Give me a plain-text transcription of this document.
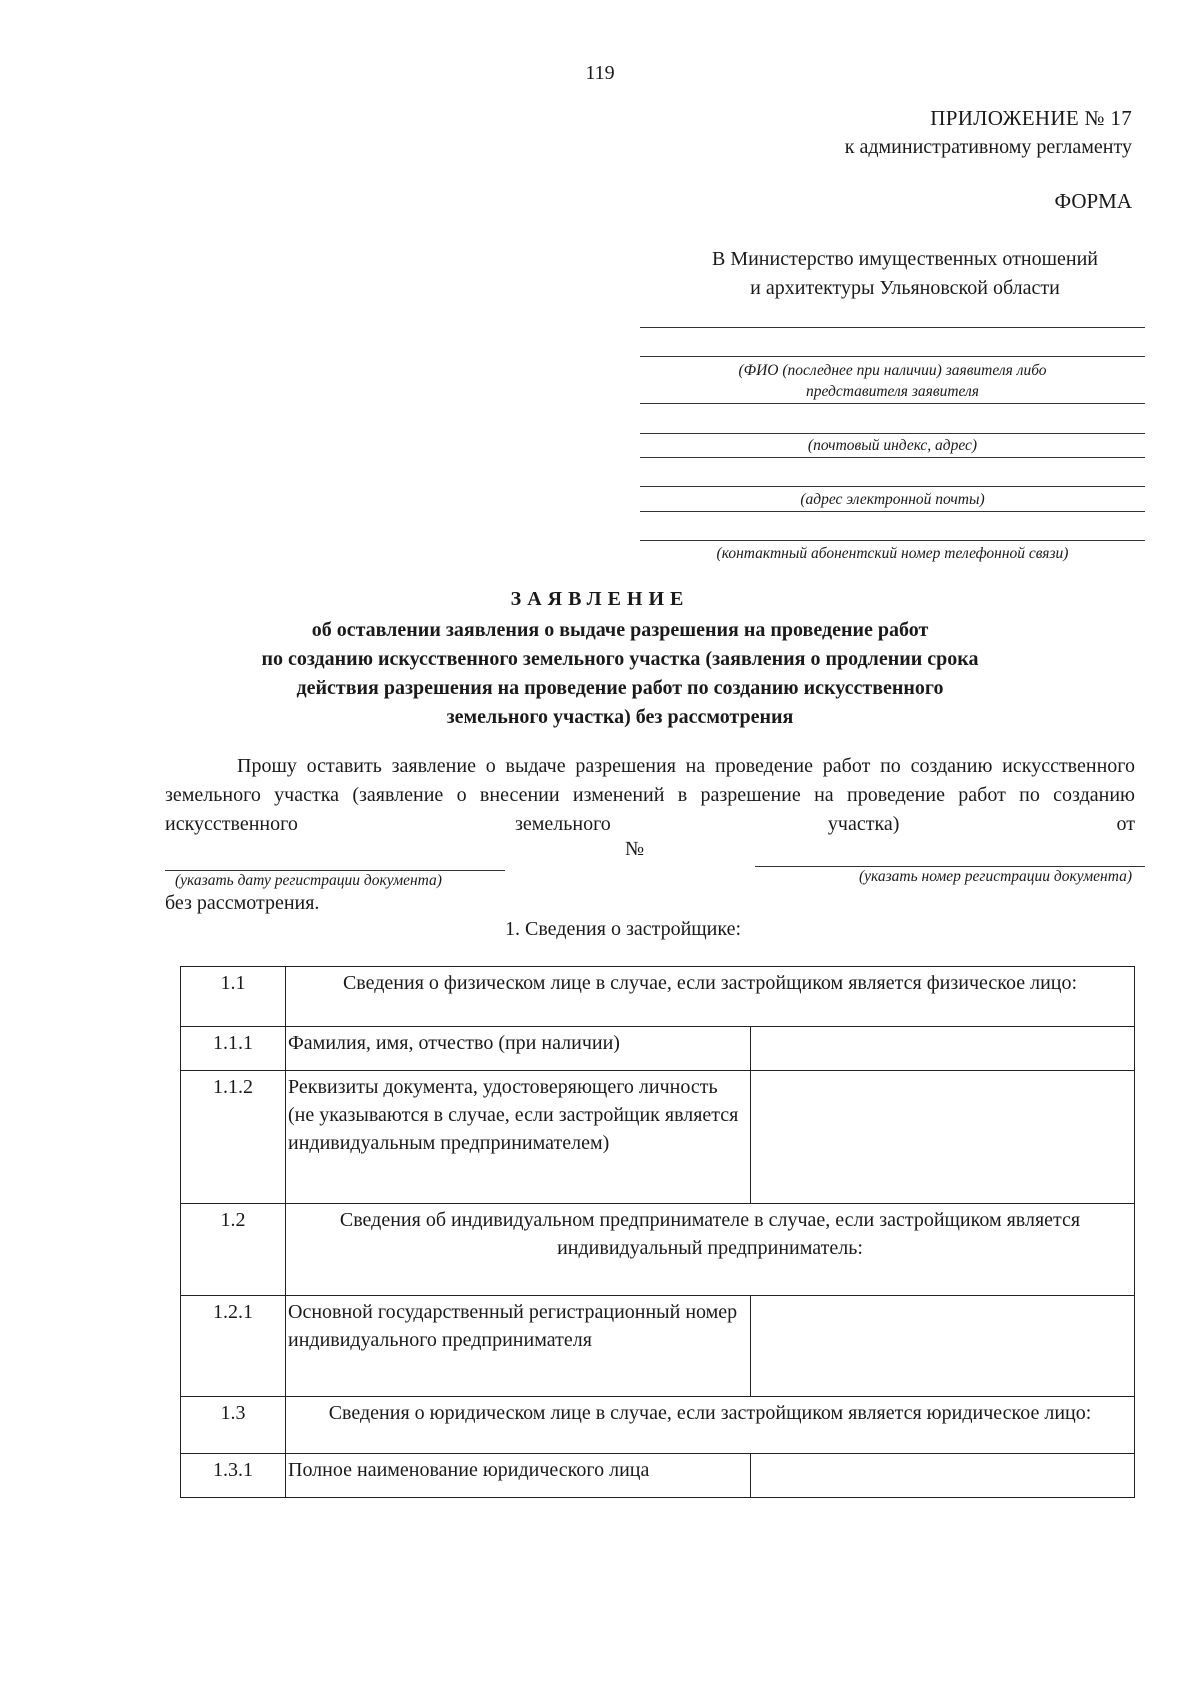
119
ПРИЛОЖЕНИЕ № 17
к административному регламенту
ФОРМА
В Министерство имущественных отношений
и архитектуры Ульяновской области
(ФИО (последнее при наличии) заявителя либо
представителя заявителя
(почтовый индекс, адрес)
(адрес электронной почты)
(контактный абонентский номер телефонной связи)
ЗАЯВЛЕНИЕ
об оставлении заявления о выдаче разрешения на проведение работ
по созданию искусственного земельного участка (заявления о продлении срока
действия разрешения на проведение работ по созданию искусственного
земельного участка) без рассмотрения
Прошу оставить заявление о выдаче разрешения на проведение работ по созданию искусственного земельного участка (заявление о внесении изменений в разрешение на проведение работ по созданию искусственного земельного участка) от
№
(указать дату регистрации документа)	(указать номер регистрации документа)
без рассмотрения.
1. Сведения о застройщике:
1.1	Сведения о физическом лице в случае, если застройщиком является физическое лицо:	
1.1.1	Фамилия, имя, отчество (при наличии)	
1.1.2	Реквизиты документа, удостоверяющего личность (не указываются в случае, если застройщик является индивидуальным предпринимателем)	
1.2	Сведения об индивидуальном предпринимателе в случае, если застройщиком является индивидуальный предприниматель:	
1.2.1	Основной государственный регистрационный номер индивидуального предпринимателя	
1.3	Сведения о юридическом лице в случае, если застройщиком является юридическое лицо:	
1.3.1	Полное наименование юридического лица	
